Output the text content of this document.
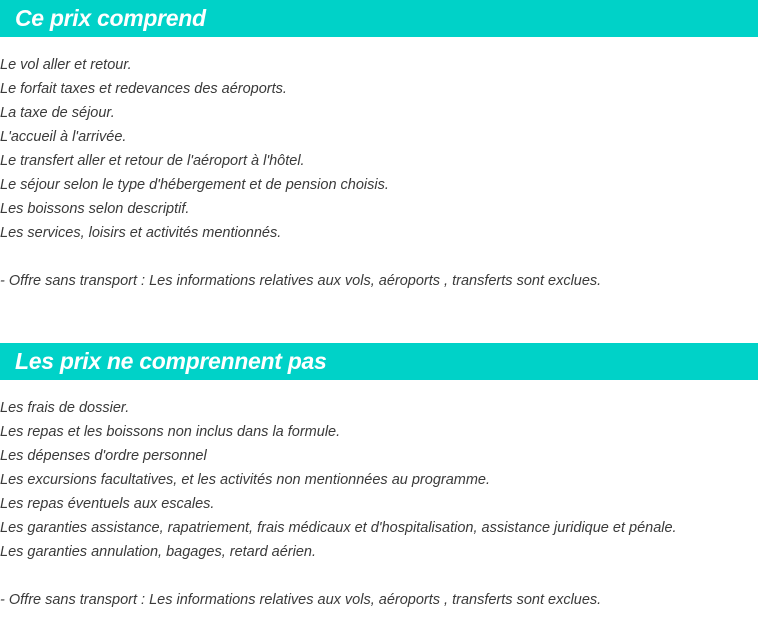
Ce prix comprend
Le vol aller et retour.
Le forfait taxes et redevances des aéroports.
La taxe de séjour.
L'accueil à l'arrivée.
Le transfert aller et retour de l'aéroport à l'hôtel.
Le séjour selon le type d'hébergement et de pension choisis.
Les boissons selon descriptif.
Les services, loisirs et activités mentionnés.
- Offre sans transport : Les informations relatives aux vols, aéroports , transferts sont exclues.
Les prix ne comprennent pas
Les frais de dossier.
Les repas et les boissons non inclus dans la formule.
Les dépenses d'ordre personnel
Les excursions facultatives, et les activités non mentionnées au programme.
Les repas éventuels aux escales.
Les garanties assistance, rapatriement, frais médicaux et d'hospitalisation, assistance juridique et pénale.
Les garanties annulation, bagages, retard aérien.
- Offre sans transport : Les informations relatives aux vols, aéroports , transferts sont exclues.
